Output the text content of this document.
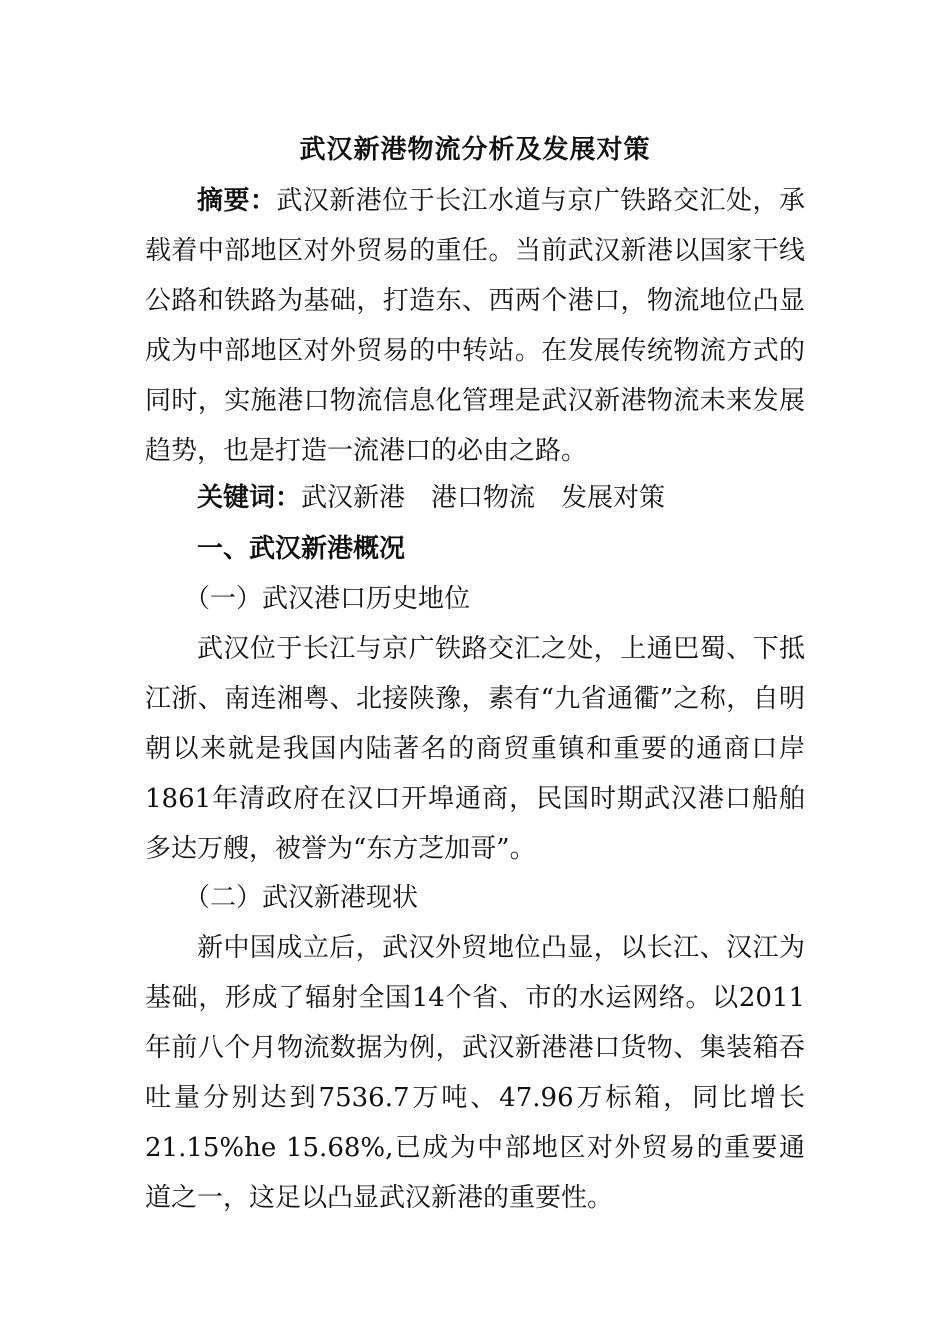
武汉新港物流分析及发展对策
摘要：武汉新港位于长江水道与京广铁路交汇处，承载着中部地区对外贸易的重任。当前武汉新港以国家干线公路和铁路为基础，打造东、西两个港口，物流地位凸显成为中部地区对外贸易的中转站。在发展传统物流方式的同时，实施港口物流信息化管理是武汉新港物流未来发展趋势，也是打造一流港口的必由之路。
关键词：武汉新港 港口物流 发展对策
一、武汉新港概况
（一）武汉港口历史地位
武汉位于长江与京广铁路交汇之处，上通巴蜀、下抵江浙、南连湘粤、北接陕豫，素有“九省通衢”之称，自明朝以来就是我国内陆著名的商贸重镇和重要的通商口岸1861年清政府在汉口开埠通商，民国时期武汉港口船舶多达万艘，被誉为“东方芝加哥”。
（二）武汉新港现状
新中国成立后，武汉外贸地位凸显，以长江、汉江为基础，形成了辐射全国14个省、市的水运网络。以2011年前八个月物流数据为例，武汉新港港口货物、集装箱吞吐量分别达到7536.7万吨、47.96万标箱，同比增长21.15%he 15.68%,已成为中部地区对外贸易的重要通道之一，这足以凸显武汉新港的重要性。
